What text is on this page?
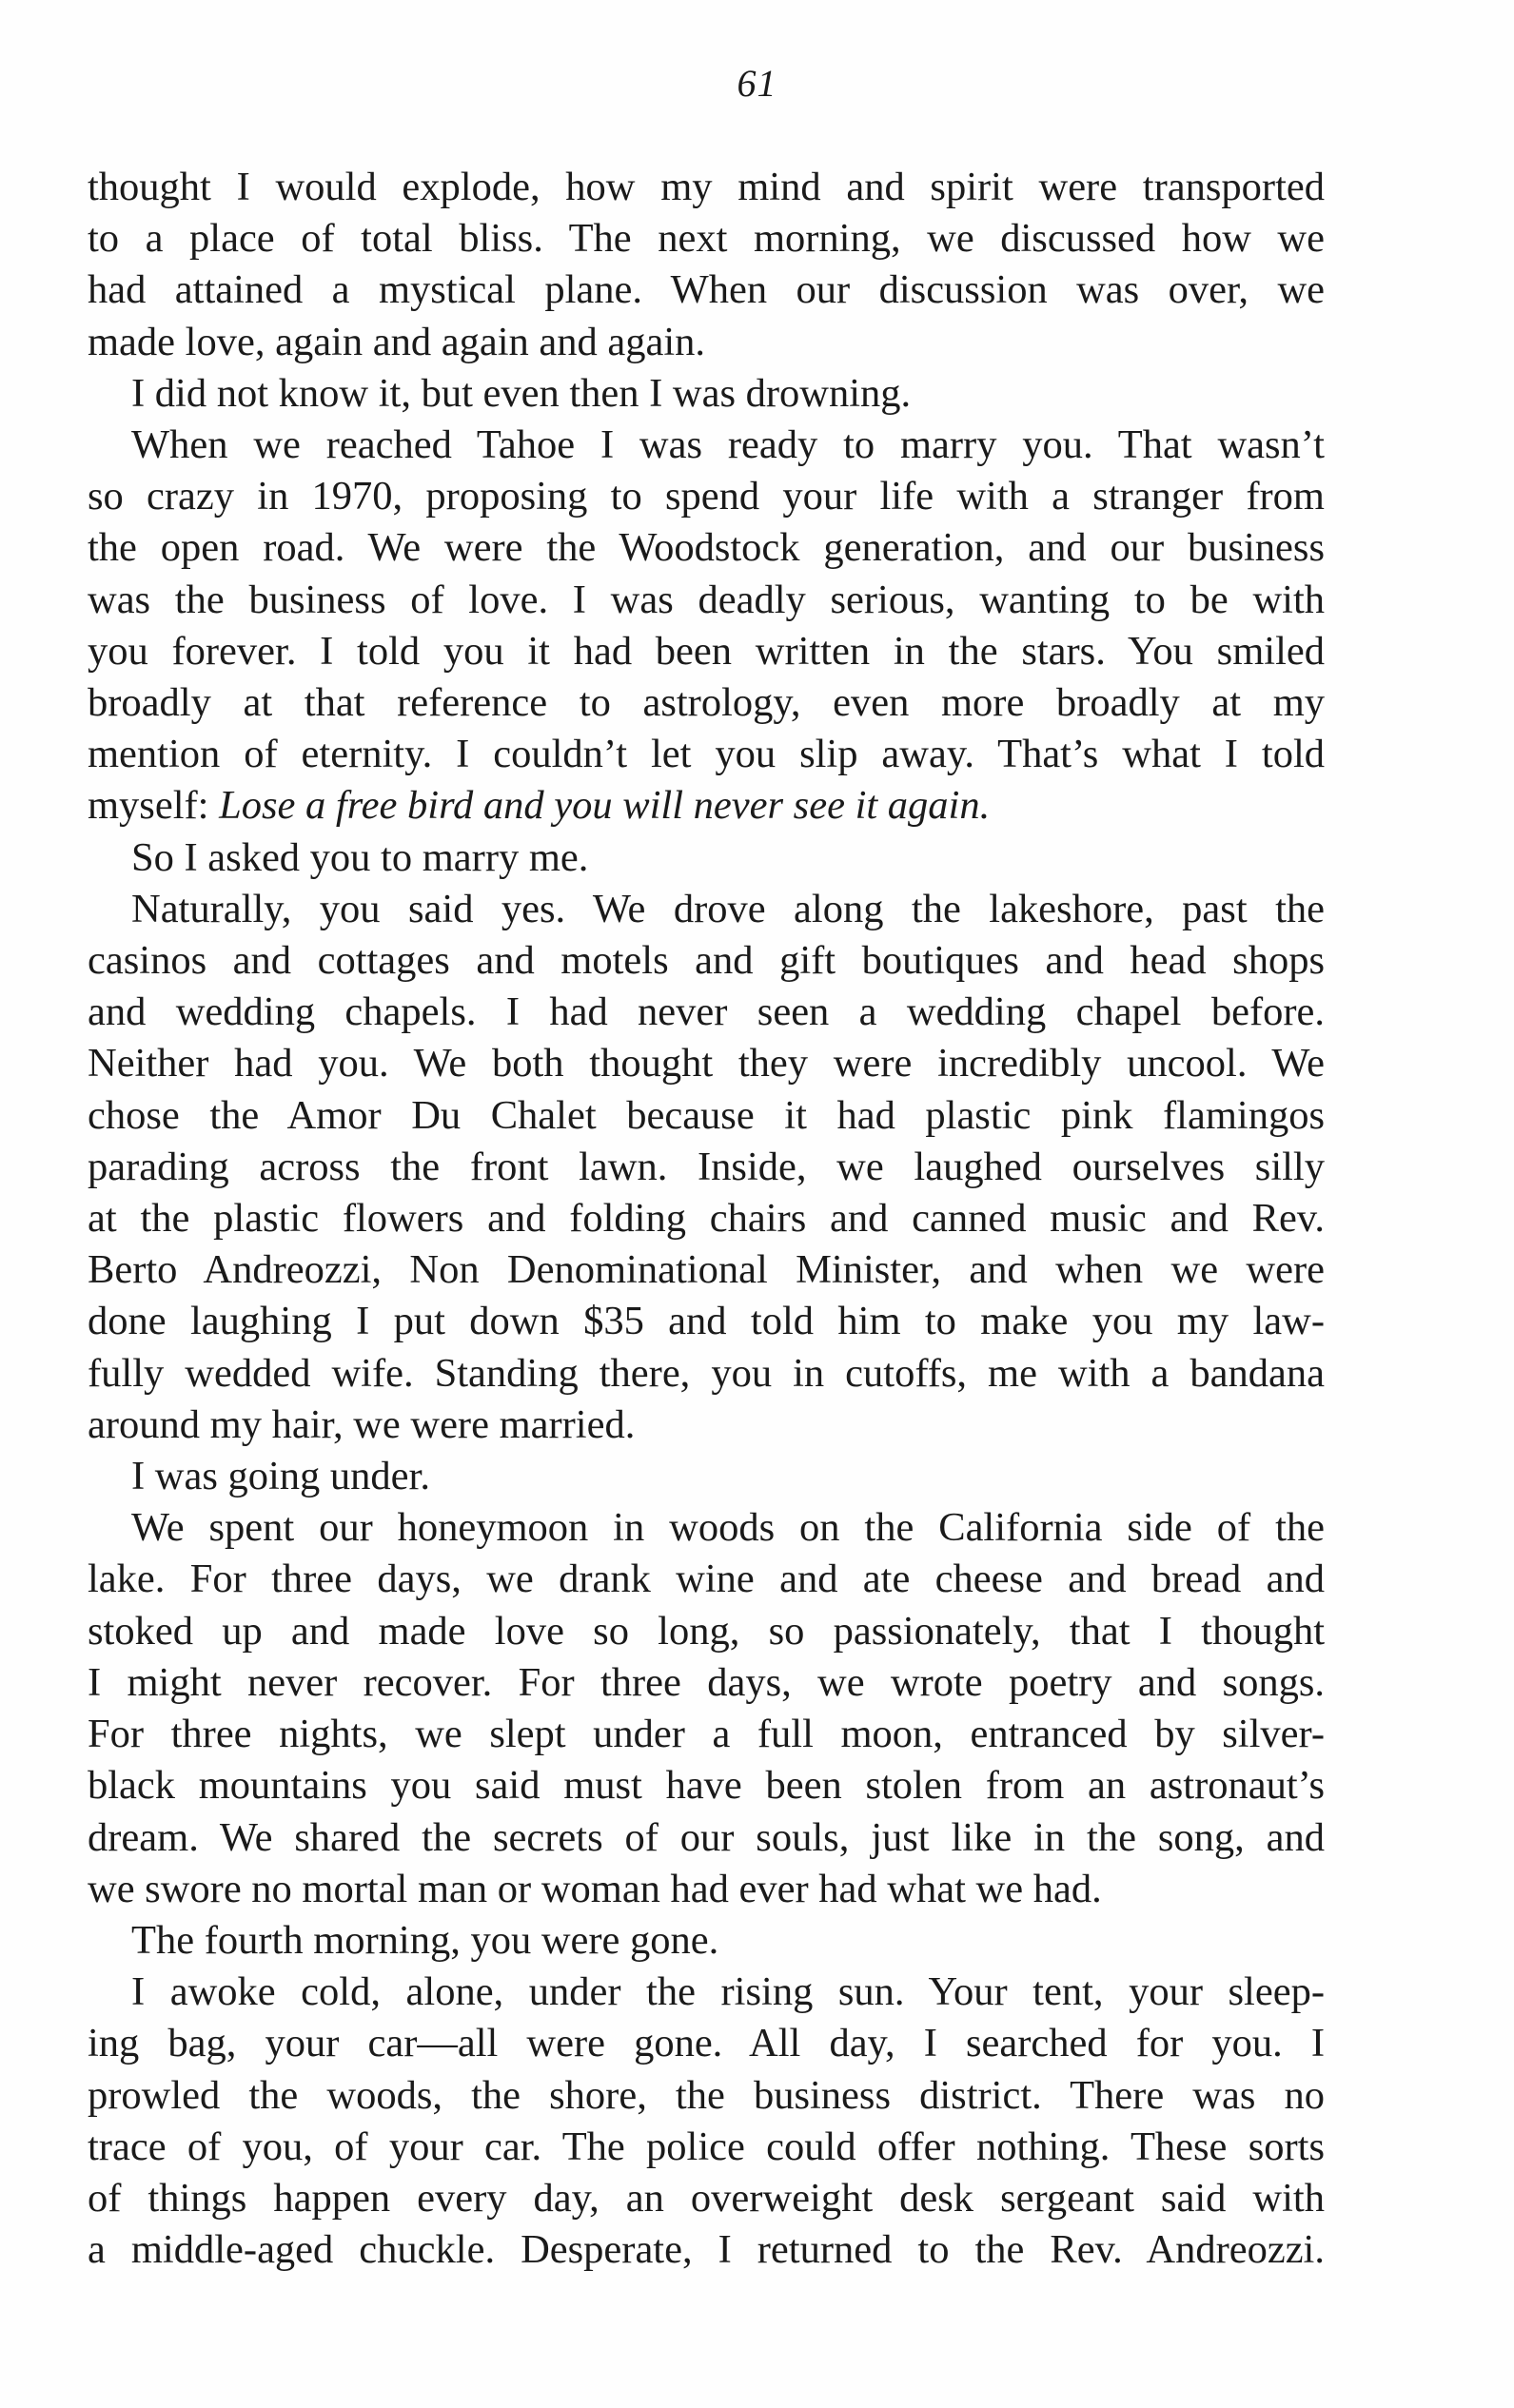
61

thought I would explode, how my mind and spirit were transported
to a place of total bliss. The next morning, we discussed how we
had attained a mystical plane. When our discussion was over, we
made love, again and again and again.

I did not know it, but even then I was drowning.

When we reached Tahoe I was ready to marry you. That wasn’t
so crazy in 1970, proposing to spend your life with a stranger from
the open road. We were the Woodstock generation, and our business
was the business of love. I was deadly serious, wanting to be with
you forever. I told you it had been written in the stars. You smiled
broadly at that reference to astrology, even more broadly at my
mention of eternity. I couldn’t let you slip away. That’s what I told
myself: Lose a free bird and you will never see it again.

So I asked you to marry me.

Naturally, you said yes. We drove along the lakeshore, past the
casinos and cottages and motels and gift boutiques and head shops
and wedding chapels. I had never seen a wedding chapel before.
Neither had you. We both thought they were incredibly uncool. We
chose the Amor Du Chalet because it had plastic pink flamingos
parading across the front lawn. Inside, we laughed ourselves silly
at the plastic flowers and folding chairs and canned music and Rev.
Berto Andreozzi, Non Denominational Minister, and when we were
done laughing I put down $35 and told him to make you my law-
fully wedded wife. Standing there, you in cutoffs, me with a bandana
around my hair, we were married.

I was going under.

We spent our honeymoon in woods on the California side of the
lake. For three days, we drank wine and ate cheese and bread and
stoked up and made love so long, so passionately, that I thought
I might never recover. For three days, we wrote poetry and songs.
For three nights, we slept under a full moon, entranced by silver-
black mountains you said must have been stolen from an astronaut’s
dream. We shared the secrets of our souls, just like in the song, and
we swore no mortal man or woman had ever had what we had.

The fourth morning, you were gone.

I awoke cold, alone, under the rising sun. Your tent, your sleep-
ing bag, your car—all were gone. All day, I searched for you. I
prowled the woods, the shore, the business district. There was no
trace of you, of your car. The police could offer nothing. These sorts
of things happen every day, an overweight desk sergeant said with
a middle-aged chuckle. Desperate, I returned to the Rev. Andreozzi.
